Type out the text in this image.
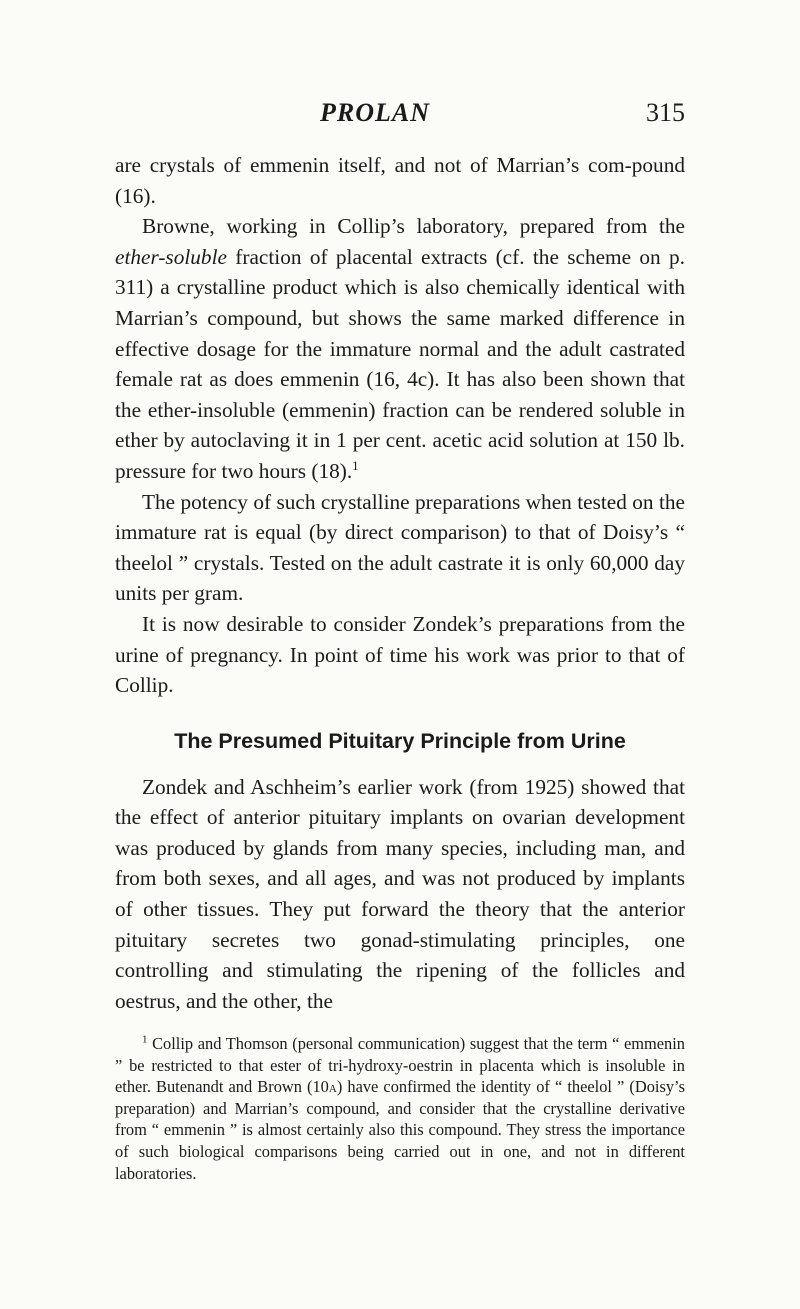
PROLAN	315

are crystals of emmenin itself, and not of Marrian’s com-pound (16).

Browne, working in Collip’s laboratory, prepared from the ether-soluble fraction of placental extracts (cf. the scheme on p. 311) a crystalline product which is also chemically identical with Marrian’s compound, but shows the same marked difference in effective dosage for the immature normal and the adult castrated female rat as does emmenin (16, 4c). It has also been shown that the ether-insoluble (emmenin) fraction can be rendered soluble in ether by autoclaving it in 1 per cent. acetic acid solution at 150 lb. pressure for two hours (18).$^1$

The potency of such crystalline preparations when tested on the immature rat is equal (by direct comparison) to that of Doisy’s “ theelol ” crystals. Tested on the adult castrate it is only 60,000 day units per gram.

It is now desirable to consider Zondek’s preparations from the urine of pregnancy. In point of time his work was prior to that of Collip.

The Presumed Pituitary Principle from Urine

Zondek and Aschheim’s earlier work (from 1925) showed that the effect of anterior pituitary implants on ovarian development was produced by glands from many species, including man, and from both sexes, and all ages, and was not produced by implants of other tissues. They put forward the theory that the anterior pituitary secretes two gonad-stimulating principles, one controlling and stimulating the ripening of the follicles and oestrus, and the other, the

$^1$ Collip and Thomson (personal communication) suggest that the term “ emmenin ” be restricted to that ester of tri-hydroxy-oestrin in placenta which is insoluble in ether. Butenandt and Brown (10a) have confirmed the identity of “ theelol ” (Doisy’s preparation) and Marrian’s compound, and consider that the crystalline derivative from “ emmenin ” is almost certainly also this compound. They stress the importance of such biological comparisons being carried out in one, and not in different laboratories.
